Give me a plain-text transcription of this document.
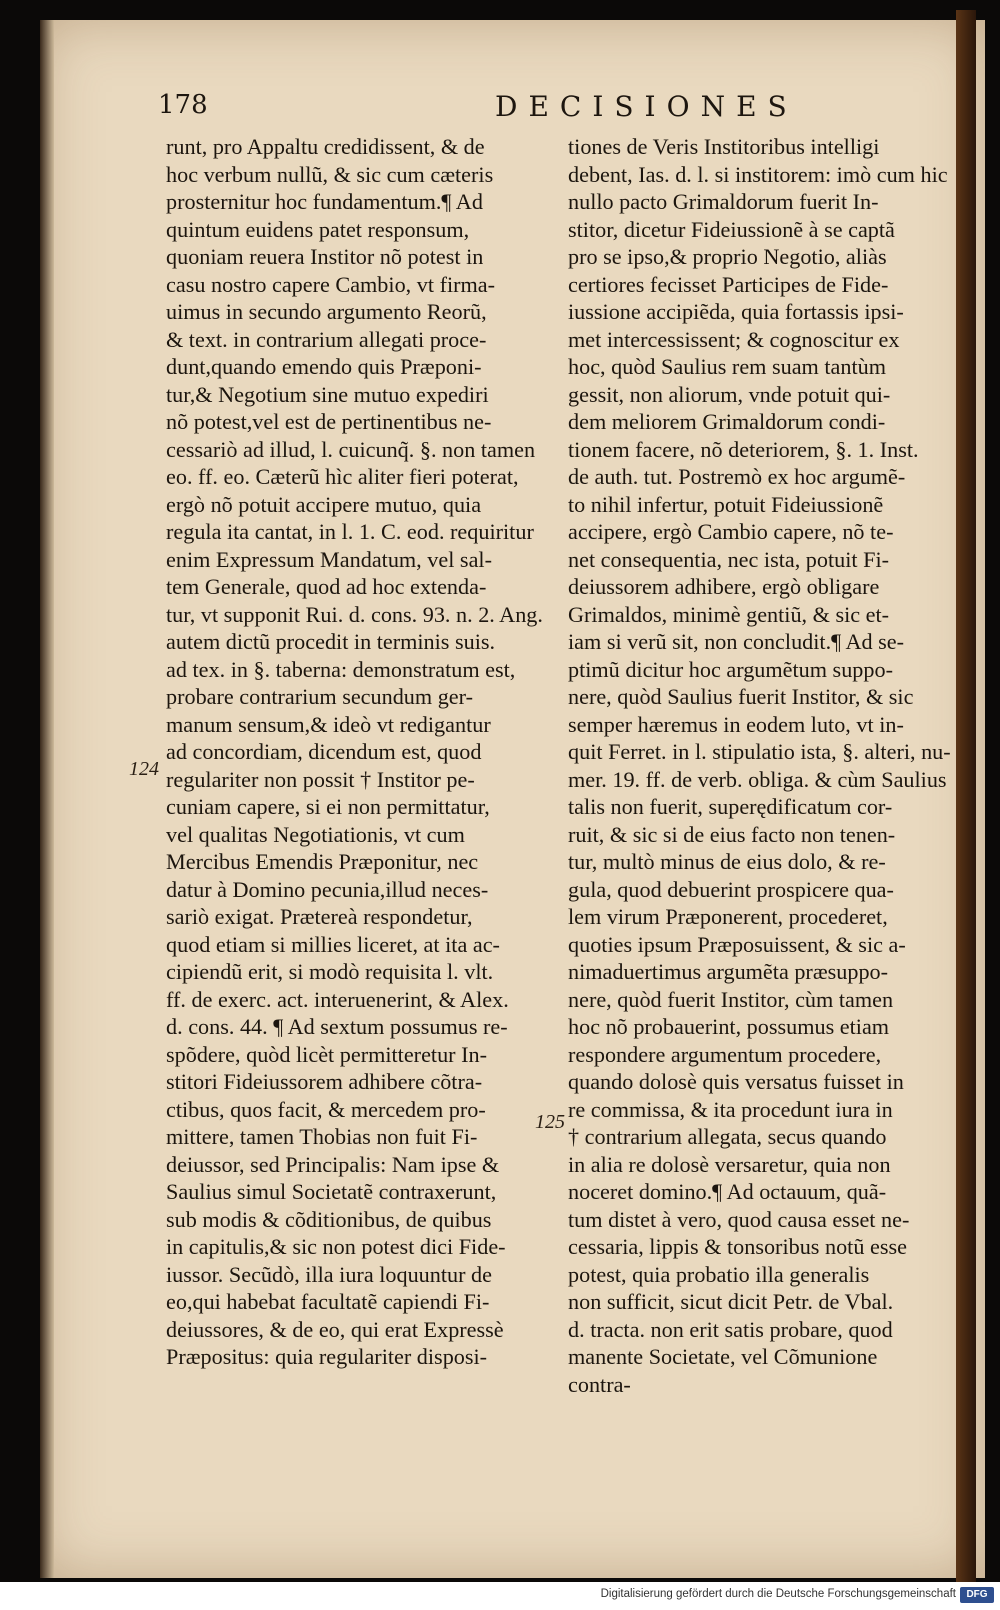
178	DECISIONES
124
125
runt, pro Appaltu credidissent, & de
hoc verbum nullũ, & sic cum cæteris
prosternitur hoc fundamentum.¶ Ad
quintum euidens patet responsum,
quoniam reuera Institor nõ potest in
casu nostro capere Cambio, vt firma-
uimus in secundo argumento Reorũ,
& text. in contrarium allegati proce-
dunt,quando emendo quis Præponi-
tur,& Negotium sine mutuo expediri
nõ potest,vel est de pertinentibus ne-
cessariò ad illud, l. cuicunq̃. §. non tamen
eo. ff. eo. Cæterũ hìc aliter fieri poterat,
ergò nõ potuit accipere mutuo, quia
regula ita cantat, in l. 1. C. eod. requiritur
enim Expressum Mandatum, vel sal-
tem Generale, quod ad hoc extenda-
tur, vt supponit Rui. d. cons. 93. n. 2. Ang.
autem dictũ procedit in terminis suis.
ad tex. in §. taberna: demonstratum est,
probare contrarium secundum ger-
manum sensum,& ideò vt redigantur
ad concordiam, dicendum est, quod
regulariter non possit † Institor pe-
cuniam capere, si ei non permittatur,
vel qualitas Negotiationis, vt cum
Mercibus Emendis Præponitur, nec
datur à Domino pecunia,illud neces-
sariò exigat. Prætereà respondetur,
quod etiam si millies liceret, at ita ac-
cipiendũ erit, si modò requisita l. vlt.
ff. de exerc. act. interuenerint, & Alex.
d. cons. 44. ¶ Ad sextum possumus re-
spõdere, quòd licèt permitteretur In-
stitori Fideiussorem adhibere cõtra-
ctibus, quos facit, & mercedem pro-
mittere, tamen Thobias non fuit Fi-
deiussor, sed Principalis: Nam ipse &
Saulius simul Societatẽ contraxerunt,
sub modis & cõditionibus, de quibus
in capitulis,& sic non potest dici Fide-
iussor. Secũdò, illa iura loquuntur de
eo,qui habebat facultatẽ capiendi Fi-
deiussores, & de eo, qui erat Expressè
Præpositus: quia regulariter disposi-
tiones de Veris Institoribus intelligi
debent, Ias. d. l. si institorem: imò cum hic
nullo pacto Grimaldorum fuerit In-
stitor, dicetur Fideiussionẽ à se captã
pro se ipso,& proprio Negotio, aliàs
certiores fecisset Participes de Fide-
iussione accipiẽda, quia fortassis ipsi-
met intercessissent; & cognoscitur ex
hoc, quòd Saulius rem suam tantùm
gessit, non aliorum, vnde potuit qui-
dem meliorem Grimaldorum condi-
tionem facere, nõ deteriorem, §. 1. Inst.
de auth. tut. Postremò ex hoc argumẽ-
to nihil infertur, potuit Fideiussionẽ
accipere, ergò Cambio capere, nõ te-
net consequentia, nec ista, potuit Fi-
deiussorem adhibere, ergò obligare
Grimaldos, minimè gentiũ, & sic et-
iam si verũ sit, non concludit.¶ Ad se-
ptimũ dicitur hoc argumẽtum suppo-
nere, quòd Saulius fuerit Institor, & sic
semper hæremus in eodem luto, vt in-
quit Ferret. in l. stipulatio ista, §. alteri, nu-
mer. 19. ff. de verb. obliga. & cùm Saulius
talis non fuerit, superędificatum cor-
ruit, & sic si de eius facto non tenen-
tur, multò minus de eius dolo, & re-
gula, quod debuerint prospicere qua-
lem virum Præponerent, procederet,
quoties ipsum Præposuissent, & sic a-
nimaduertimus argumẽta præsuppo-
nere, quòd fuerit Institor, cùm tamen
hoc nõ probauerint, possumus etiam
respondere argumentum procedere,
quando dolosè quis versatus fuisset in
re commissa, & ita procedunt iura in
† contrarium allegata, secus quando
in alia re dolosè versaretur, quia non
noceret domino.¶ Ad octauum, quã-
tum distet à vero, quod causa esset ne-
cessaria, lippis & tonsoribus notũ esse
potest, quia probatio illa generalis
non sufficit, sicut dicit Petr. de Vbal.
d. tracta. non erit satis probare, quod
manente Societate, vel Cõmunione
contra-
Digitalisierung gefördert durch die Deutsche Forschungsgemeinschaft	DFG
